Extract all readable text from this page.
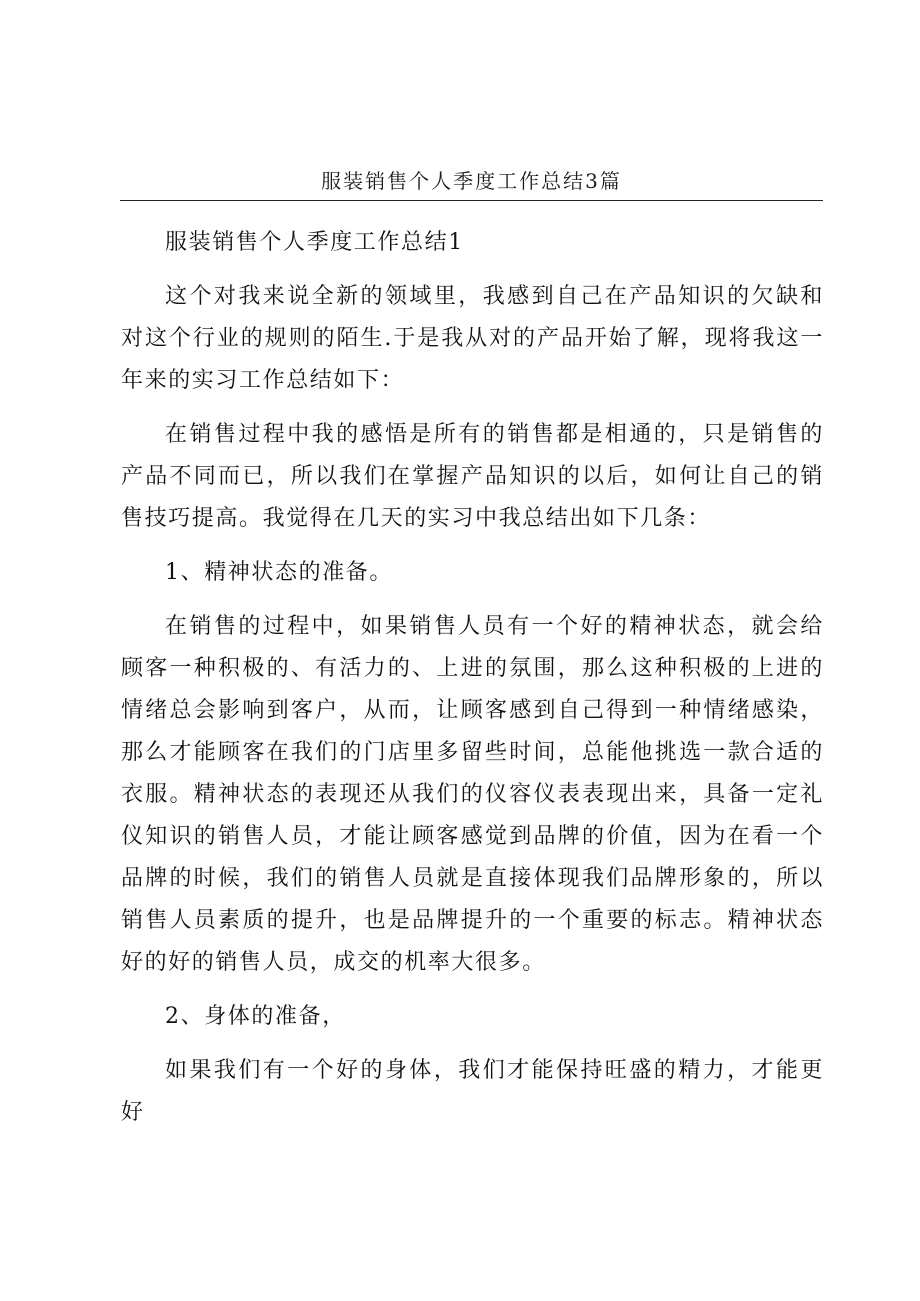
服装销售个人季度工作总结3篇

服装销售个人季度工作总结1

这个对我来说全新的领域里，我感到自己在产品知识的欠缺和对这个行业的规则的陌生.于是我从对的产品开始了解，现将我这一年来的实习工作总结如下：

在销售过程中我的感悟是所有的销售都是相通的，只是销售的产品不同而已，所以我们在掌握产品知识的以后，如何让自己的销售技巧提高。我觉得在几天的实习中我总结出如下几条：

1、精神状态的准备。

在销售的过程中，如果销售人员有一个好的精神状态，就会给顾客一种积极的、有活力的、上进的氛围，那么这种积极的上进的情绪总会影响到客户，从而，让顾客感到自己得到一种情绪感染，那么才能顾客在我们的门店里多留些时间，总能他挑选一款合适的衣服。精神状态的表现还从我们的仪容仪表表现出来，具备一定礼仪知识的销售人员，才能让顾客感觉到品牌的价值，因为在看一个品牌的时候，我们的销售人员就是直接体现我们品牌形象的，所以销售人员素质的提升，也是品牌提升的一个重要的标志。精神状态好的好的销售人员，成交的机率大很多。

2、身体的准备，

如果我们有一个好的身体，我们才能保持旺盛的精力，才能更好
